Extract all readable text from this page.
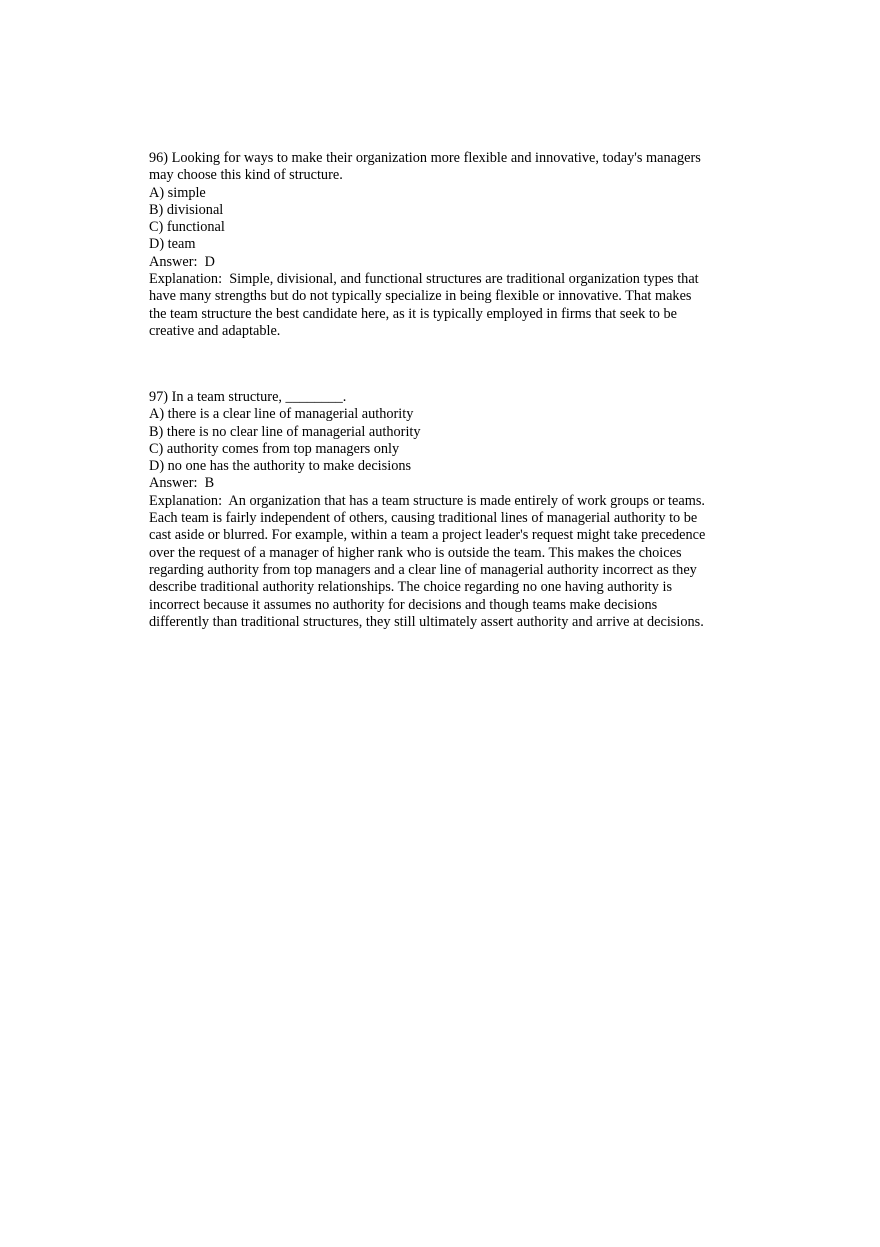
96) Looking for ways to make their organization more flexible and innovative, today's managers
may choose this kind of structure.
A) simple
B) divisional
C) functional
D) team
Answer:  D
Explanation:  Simple, divisional, and functional structures are traditional organization types that
have many strengths but do not typically specialize in being flexible or innovative. That makes
the team structure the best candidate here, as it is typically employed in firms that seek to be
creative and adaptable.
97) In a team structure, ________.
A) there is a clear line of managerial authority
B) there is no clear line of managerial authority
C) authority comes from top managers only
D) no one has the authority to make decisions
Answer:  B
Explanation:  An organization that has a team structure is made entirely of work groups or teams.
Each team is fairly independent of others, causing traditional lines of managerial authority to be
cast aside or blurred. For example, within a team a project leader's request might take precedence
over the request of a manager of higher rank who is outside the team. This makes the choices
regarding authority from top managers and a clear line of managerial authority incorrect as they
describe traditional authority relationships. The choice regarding no one having authority is
incorrect because it assumes no authority for decisions and though teams make decisions
differently than traditional structures, they still ultimately assert authority and arrive at decisions.
